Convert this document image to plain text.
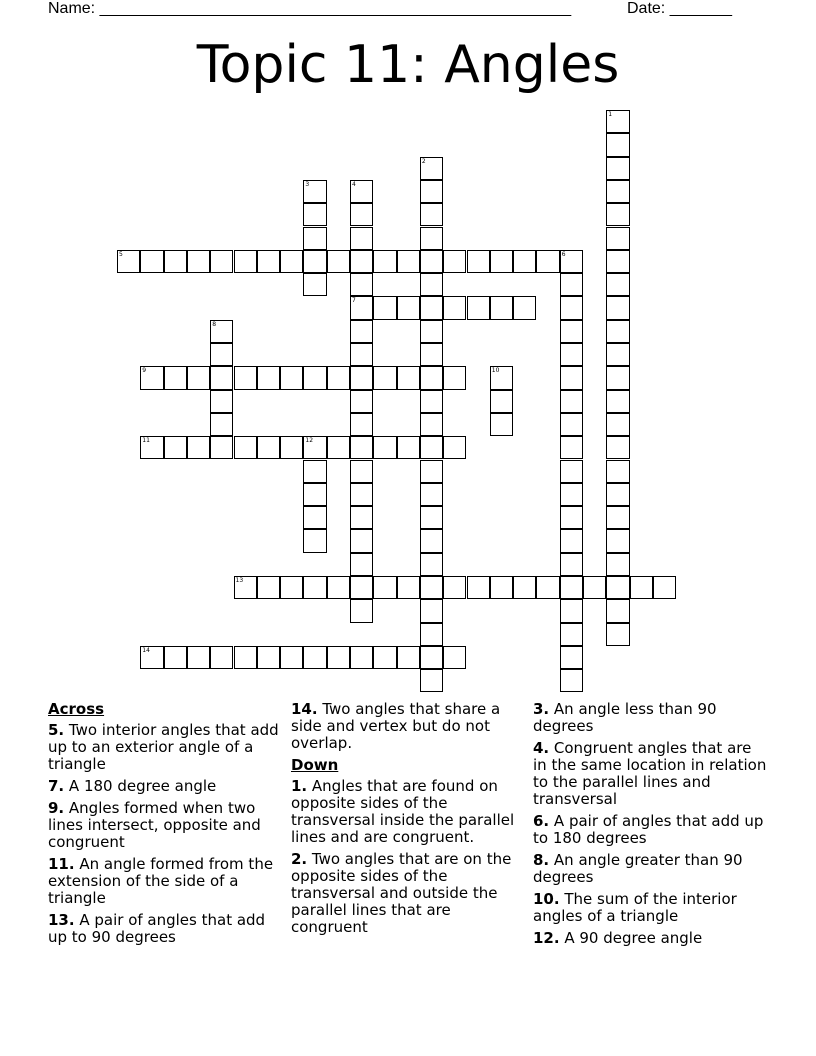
Name: _____________________________________________________	Date: _______
Topic 11: Angles
1
2
3	4
7
5	6
8
9	10
11	12
13
14
Across
5. Two interior angles that add up to an exterior angle of a triangle
7. A 180 degree angle
9. Angles formed when two lines intersect, opposite and congruent
11. An angle formed from the extension of the side of a triangle
13. A pair of angles that add up to 90 degrees
14. Two angles that share a side and vertex but do not overlap.
Down
1. Angles that are found on opposite sides of the transversal inside the parallel lines and are congruent.
2. Two angles that are on the opposite sides of the transversal and outside the parallel lines that are congruent
3. An angle less than 90 degrees
4. Congruent angles that are in the same location in relation to the parallel lines and transversal
6. A pair of angles that add up to 180 degrees
8. An angle greater than 90 degrees
10. The sum of the interior angles of a triangle
12. A 90 degree angle
